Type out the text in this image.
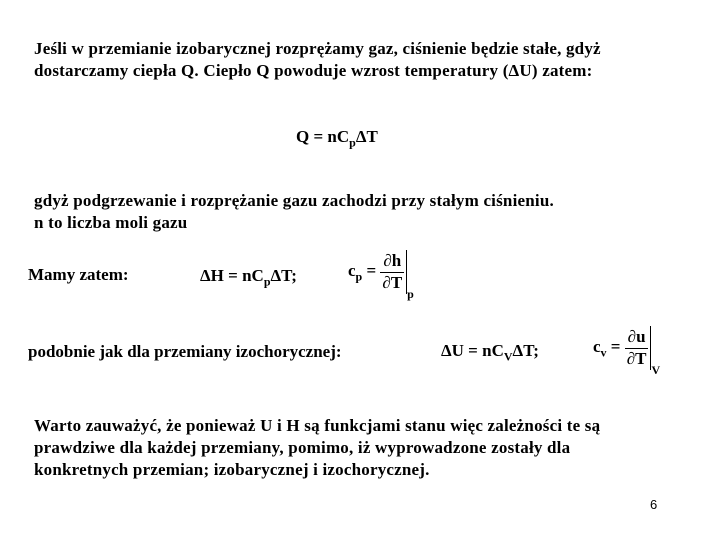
Jeśli w przemianie izobarycznej rozprężamy gaz, ciśnienie będzie stałe, gdyż
dostarczamy ciepła Q. Ciepło Q powoduje wzrost temperatury (ΔU) zatem:
$Q = nC_p\Delta T$
gdyż podgrzewanie i rozprężanie gazu zachodzi przy stałym ciśnieniu.
n to liczba moli gazu
Mamy zatem:	$\Delta H = nC_p\Delta T$;	$c_p = \frac{\partial h}{\partial T}$
$_p$
podobnie jak dla przemiany izochorycznej:	$\Delta U = nC_V\Delta T$;	$c_v = \frac{\partial u}{\partial T}$
$_V$
Warto zauważyć, że ponieważ U i H są funkcjami stanu więc zależności te są
prawdziwe dla każdej przemiany, pomimo, iż wyprowadzone zostały dla
konkretnych przemian; izobarycznej i izochorycznej.
6
